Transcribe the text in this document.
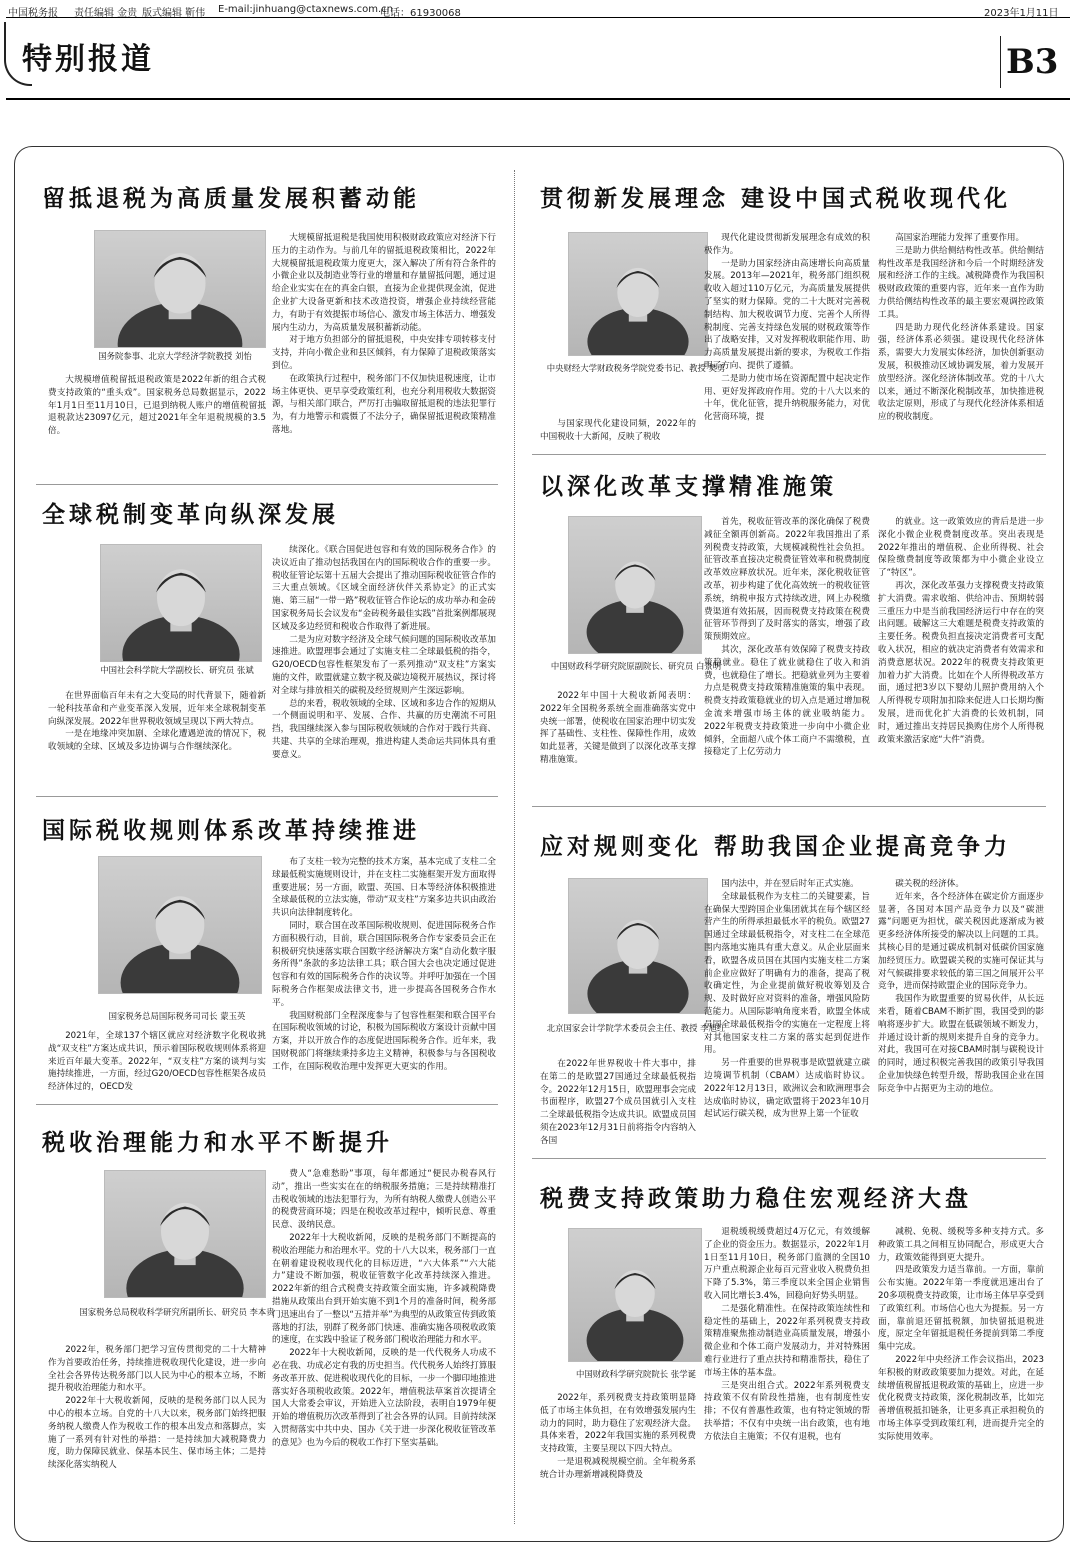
中国税务报 责任编辑 金贵 版式编辑 靳伟 E-mail:jinhuang@ctaxnews.com.cn
电话：61930068	2023年1月11日
特别报道	B3
留抵退税为高质量发展积蓄动能
国务院参事、北京大学经济学院教授 刘怡

大规模增值税留抵退税政策是2022年新的组合式税费支持政策的“重头戏”。国家税务总局数据显示，2022年1月1日至11月10日，已退到纳税人账户的增值税留抵退税款达23097亿元，超过2021年全年退税规模的3.5倍。

大规模留抵退税是我国使用积极财政政策应对经济下行压力的主动作为。与前几年的留抵退税政策相比，2022年大规模留抵退税政策力度更大，深入解决了所有符合条件的小微企业以及制造业等行业的增量和存量留抵问题，通过退给企业实实在在的真金白银，直接为企业提供现金流，促进企业扩大设备更新和技术改造投资，增强企业持续经营能力，有助于有效提振市场信心、激发市场主体活力、增强发展内生动力，为高质量发展积蓄新动能。
对于地方负担部分的留抵退税，中央安排专项转移支付支持，并向小微企业和县区倾斜，有力保障了退税政策落实到位。
在政策执行过程中，税务部门不仅加快退税速度，让市场主体更快、更早享受政策红利，也充分利用税收大数据资源，与相关部门联合，严厉打击骗取留抵退税的违法犯罪行为，有力地警示和震慑了不法分子，确保留抵退税政策精准落地。

全球税制变革向纵深发展
中国社会科学院大学副校长、研究员 张斌

在世界面临百年未有之大变局的时代背景下，随着新一轮科技革命和产业变革深入发展，近年来全球税制变革向纵深发展。2022年世界税收领域呈现以下两大特点。
一是在地缘冲突加剧、全球化遭遇逆流的情况下，税收领域的全球、区域及多边协调与合作继续深化。

续深化。《联合国促进包容和有效的国际税务合作》的决议近由了推动包括我国在内的国际税收合作的重要一步。税收征管论坛第十五届大会提出了推动国际税收征管合作的三大重点领域。《区域全面经济伙伴关系协定》的正式实施、第三届“一带一路”税收征管合作论坛的成功举办和金砖国家税务局长会议发布“金砖税务最佳实践”首批案例都展现区域及多边经贸和税收合作取得了新进展。
二是为应对数字经济及全球气候问题的国际税收改革加速推进。欧盟理事会通过了实施支柱二全球最低税的指令，G20/OECD包容性框架发布了一系列推动“双支柱”方案实施的文件，欧盟就建立数字税及碳边境税开展热议，探讨将对全球与排放相关的碳税及经贸规则产生深远影响。
总的来看，税收领域的全球、区域和多边合作的短期从一个侧面说明和平、发展、合作、共赢的历史潮流不可阻挡，我国继续深入参与国际税收领域的合作对于践行共商、共建、共享的全球治理观，推进构建人类命运共同体具有重要意义。

国际税收规则体系改革持续推进
国家税务总局国际税务司司长 蒙玉英

2021年，全球137个辖区就应对经济数字化税收挑战“双支柱”方案达成共识，预示着国际税收规则体系将迎来近百年最大变革。2022年，“双支柱”方案的谈判与实施持续推进，一方面，经过G20/OECD包容性框架各成员经济体过的，OECD发

布了支柱一较为完整的技术方案，基本完成了支柱二全球最低税实施规则设计，并在支柱二实施框架开发方面取得重要进展；另一方面，欧盟、英国、日本等经济体积极推进全球最低税的立法实施，带动“双支柱”方案多边共识由政治共识向法律制度转化。
同时，联合国在改革国际税收规则、促进国际税务合作方面积极行动，目前，联合国国际税务合作专家委员会正在积极研究快速落实联合国数字经济解决方案“自动化数字服务所得”条款的多边法律工具；联合国大会也决定通过促进包容和有效的国际税务合作的决议等。并呼吁加强在一个国际税务合作框架成法律文书，进一步提高各国税务合作水平。
我国财税部门全程深度参与了包容性框架和联合国平台在国际税收领域的讨论，积极为国际税收方案设计贡献中国方案，并以开放合作的态度促进国际税务合作。近年来，我国财税部门将继续秉持多边主义精神，积极参与与各国税收工作，在国际税收治理中发挥更大更实的作用。

税收治理能力和水平不断提升
国家税务总局税收科学研究所副所长、研究员 李本贵

2022年，税务部门把学习宣传贯彻党的二十大精神作为首要政治任务，持续推进税收现代化建设，进一步向全社会各界传达税务部门以人民为中心的根本立场，不断提升税收治理能力和水平。
2022年十大税收新闻，反映的是税务部门以人民为中心的根本立场。自党的十八大以来，税务部门始终把服务纳税人缴费人作为税收工作的根本出发点和落脚点，实施了一系列有针对性的举措：一是持续加大减税降费力度，助力保障民就业、保基本民生、保市场主体；二是持续深化落实纳税人

费人“急难愁盼”事项，每年都通过“便民办税春风行动”，推出一些实实在在的纳税服务措施；三是持续精准打击税收领域的违法犯罪行为，为所有纳税人缴费人创造公平的税费营商环境；四是在税收改革过程中，倾听民意、尊重民意、汲纳民意。
2022年十大税收新闻，反映的是税务部门不断提高的税收治理能力和治理水平。党的十八大以来，税务部门一直在朝着建设税收现代化的目标迈进，“六大体系”“六大能力”建设不断加强，税收征管数字化改革持续深入推进。2022年新的组合式税费支持政策全面实施，许多减税降费措施从政策出台到开始实施不到1个月的准备时间，税务部门迅速出台了一整以“五措并举”为典型的从政策宣传到政策落地的打法，别群了税务部门快速、准确实施各项税收政策的速度，在实践中验证了税务部门税收治理能力和水平。
2022年十大税收新闻，反映的是一代代税务人功成不必在我、功成必定有我的历史担当。代代税务人始终打算服务改革开放、促进税收现代化的目标，一步一个脚印地推进落实好各项税收政策。2022年，增值税法草案首次提请全国人大常委会审议，开始进入立法阶段，表明自1979年便开始的增值税历次改革得到了社会各界的认同。目前持续深入贯彻落实中共中央、国办《关于进一步深化税收征管改革的意见》也为今后的税收工作打下坚实基础。

贯彻新发展理念 建设中国式税收现代化
中央财经大学财政税务学院党委书记、教授 樊勇

与国家现代化建设同频，2022年的中国税收十大新闻，反映了税收

现代化建设贯彻新发展理念有成效的积极作为。
一是助力国家经济由高速增长向高质量发展。2013年—2021年，税务部门组织税收收入超过110万亿元，为高质量发展提供了坚实的财力保障。党的二十大既对完善税制结构、加大税收调节力度、完善个人所得税制度、完善支持绿色发展的财税政策等作出了战略安排，又对发挥税收职能作用、助力高质量发展提出新的要求，为税收工作指明了方向、提供了遵循。
二是助力使市场在资源配置中起决定作用、更好发挥政府作用。党的十八大以来的十年，优化征管，提升纳税服务能力，对优化营商环境，提

高国家治理能力发挥了重要作用。
三是助力供给侧结构性改革。供给侧结构性改革是我国经济和今后一个时期经济发展和经济工作的主线。减税降费作为我国积极财政政策的重要内容，近年来一直作为助力供给侧结构性改革的最主要宏观调控政策工具。
四是助力现代化经济体系建设。国家强，经济体系必须强。建设现代化经济体系，需要大力发展实体经济，加快创新驱动发展，积极推动区域协调发展，着力发展开放型经济。深化经济体制改革。党的十八大以来，通过不断深化税制改革，加快推进税收法定原则，形成了与现代化经济体系相适应的税收制度。

以深化改革支撑精准施策
中国财政科学研究院原副院长、研究员 白景明

2022年中国十大税收新闻表明：2022年全国税务系统全面准确落实党中央统一部署，使税收在国家治理中切实发挥了基础性、支柱性、保障性作用，成效如此显著，关键是做到了以深化改革支撑精准施策。

首先，税收征管改革的深化确保了税费减征全额再创新高。2022年我国推出了系列税费支持政策，大规模减税性社会负担。征管改革直接决定税费征管效率和税费制度改革效应释放状况。近年来，深化税收征管改革，初步构建了优化高效统一的税收征管系统，纳税申报方式持续改进，网上办税缴费渠道有效拓展，因而税费支持政策在税费征管环节得到了及时落实的落实，增强了政策预期效应。
其次，深化改革有效保障了税费支持政策稳就业。稳住了就业就稳住了收入和消费，也就稳住了增长。把稳就业列为主要着力点是税费支持政策精准施策的集中表现。税费支持政策稳就业的切入点是通过增加税金流来增强市场主体的就业吸纳能力。2022年税费支持政策进一步向中小微企业倾斜，全面超八成个体工商户不需缴税，直接稳定了上亿劳动力

的就业。这一政策效应的背后是进一步深化小微企业税费制度改革。突出表现是2022年推出的增值税、企业所得税、社会保险缴费制度等政策都为中小微企业设立了“特区”。
再次，深化改革强力支撑税费支持政策扩大消费。需求收缩、供给冲击、预期转弱三重压力中是当前我国经济运行中存在的突出问题。破解这三大难题是税费支持政策的主要任务。税费负担直接决定消费者可支配收入状况，相应的就决定消费者有效需求和消费意愿状况。2022年的税费支持政策更加着力扩大消费。比如在个人所得税改革方面，通过把3岁以下婴幼儿照护费用纳入个人所得税专项附加扣除来促进人口长期均衡发展，进而优化扩大消费的长效机制，同时，通过推出支持居民换购住房个人所得税政策来激活家庭“大件”消费。

应对规则变化 帮助我国企业提高竞争力
北京国家会计学院学术委员会主任、教授 李旭红

在2022年世界税收十件大事中，排在第二的是欧盟27国通过全球最低税指令。2022年12月15日，欧盟理事会完成书面程序，欧盟27个成员国就引入支柱二全球最低税指令达成共识。欧盟成员国须在2023年12月31日前将指令内容纳入各国

国内法中，并在翌后时年正式实施。
全球最低税作为支柱二的关键要素，旨在确保大型跨国企业集团就其在每个辖区经营产生的所得承担最低水平的税负。欧盟27国通过全球最低税指令，对支柱二在全球范围内落地实施具有重大意义。从企业层面来看，欧盟各成员国在其国内实施支柱二方案前企业应做好了明确有力的准备，提高了税收确定性，为企业提前做好税收筹划及合规、及时做好应对资料的准备，增强风险防范能力。从国际影响角度来看，欧盟全体成员国全球最低税指令的实施在一定程度上将对其他国家支柱二方案的落实起到促进作用。
另一件重要的世界税事是欧盟就建立碳边境调节机制（CBAM）达成临时协议。2022年12月13日，欧洲议会和欧洲理事会达成临时协议，确定欧盟将于2023年10月起试运行碳关税，成为世界上第一个征收

碳关税的经济体。
近年来，各个经济体在碳定价方面逐步显著，各国对本国产品竞争力以及“碳泄露”问题更为担忧，碳关税因此逐渐成为被更多经济体所接受的解决以上问题的工具。其核心目的是通过碳成机制对低碳价国家施加经贸压力。欧盟碳关税的实施可保证其与对气候碳排要求较低的第三国之间展开公平竞争，进而保持欧盟企业的国际竞争力。
我国作为欧盟重要的贸易伙伴，从长远来看，随着CBAM不断扩围，我国受到的影响将逐步扩大。欧盟在低碳领域不断发力，并通过设计新的规则来提升自身的竞争力。对此，我国可在对接CBAM时制与碳税设计的同时，通过积极完善我国的政策引导我国企业加快绿色转型升级，帮助我国企业在国际竞争中占据更为主动的地位。

税费支持政策助力稳住宏观经济大盘
中国财政科学研究院院长 张学诞

2022年，系列税费支持政策明显降低了市场主体负担，在有效增强发展内生动力的同时，助力稳住了宏观经济大盘。具体来看，2022年我国实施的系列税费支持政策，主要呈现以下四大特点。
一是退税减税规模空前。全年税务系统合计办理新增减税降费及

退税缓税缓费超过4万亿元，有效缓解了企业的资金压力。数据显示，2022年1月1日至11月10日，税务部门监测的全国10万户重点税源企业每百元营业收入税费负担下降了5.3%，第三季度以来全国企业销售收入同比增长3.4%，回稳向好势头明显。
二是强化精准性。在保持政策连续性和稳定性的基础上，2022年系列税费支持政策精准聚焦推动制造业高质量发展，增强小微企业和个体工商户发展动力，并对特殊困难行业进行了重点扶持和精准帮扶，稳住了市场主体的基本盘。
三是突出组合式。2022年系列税费支持政策不仅有阶段性措施，也有制度性安排；不仅有普惠性政策，也有特定领域的帮扶举措；不仅有中央统一出台政策，也有地方依法自主施策；不仅有退税，也有

减税、免税、缓税等多种支持方式。多种政策工具之间相互协同配合，形成更大合力，政策效能得到更大提升。
四是政策发力适当靠前。一方面，靠前公布实施。2022年第一季度就迅速出台了20多项税费支持政策，让市场主体早享受到了政策红利。市场信心也大为提振。另一方面，靠前退还留抵税额，加快留抵退税进度，原定全年留抵退税任务提前到第二季度集中完成。
2022年中央经济工作会议指出，2023年积极的财政政策要加力提效。对此，在延续增值税留抵退税政策的基础上，应进一步优化税费支持政策，深化税制改革，比如完善增值税抵扣链条，让更多真正承担税负的市场主体享受到政策红利，进而提升完全的实际使用效率。
